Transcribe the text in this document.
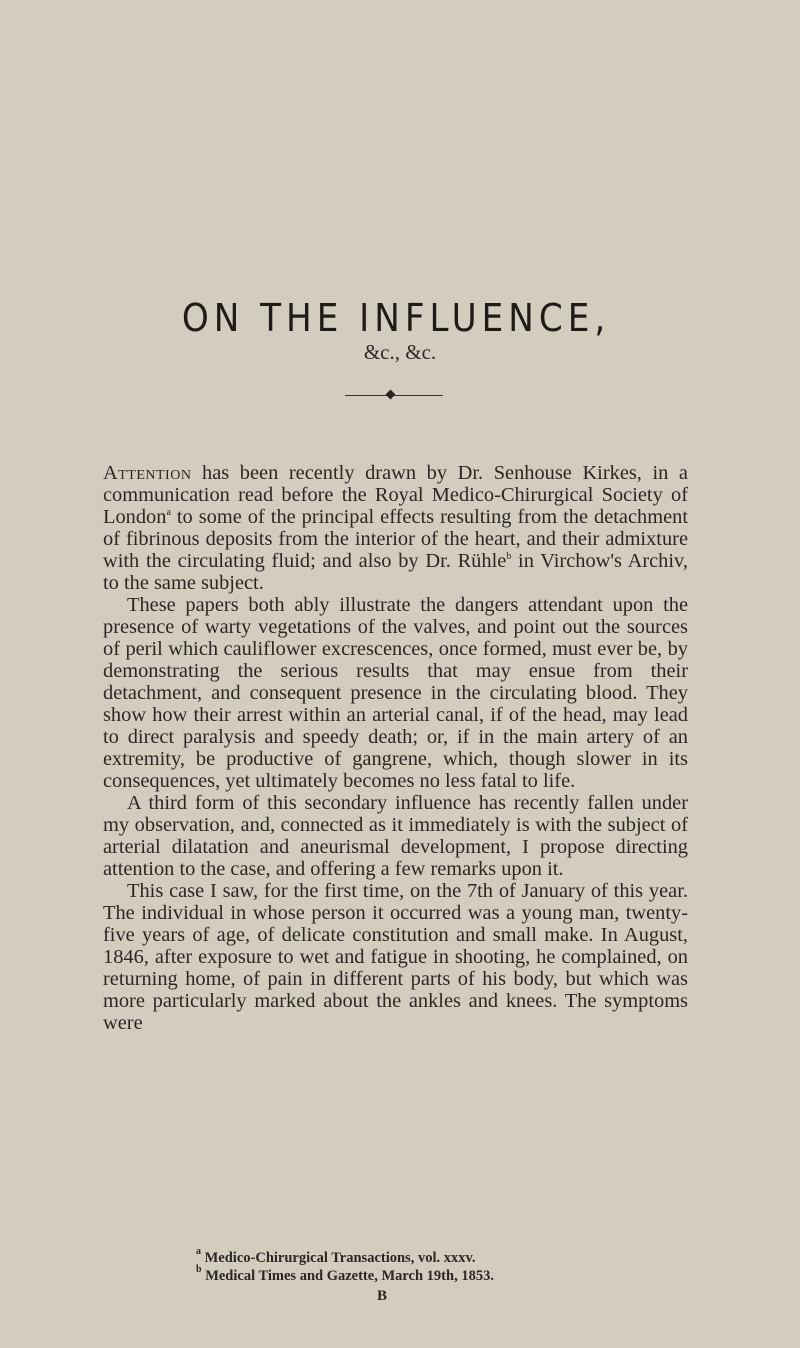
ON THE INFLUENCE,
&c., &c.

Attention has been recently drawn by Dr. Senhouse Kirkes, in a communication read before the Royal Medico-Chirurgical Society of London$^a$ to some of the principal effects resulting from the detachment of fibrinous deposits from the interior of the heart, and their admixture with the circulating fluid; and also by Dr. Rühle$^b$ in Virchow's Archiv, to the same subject.

These papers both ably illustrate the dangers attendant upon the presence of warty vegetations of the valves, and point out the sources of peril which cauliflower excrescences, once formed, must ever be, by demonstrating the serious results that may ensue from their detachment, and consequent presence in the circulating blood. They show how their arrest within an arterial canal, if of the head, may lead to direct paralysis and speedy death; or, if in the main artery of an extremity, be productive of gangrene, which, though slower in its consequences, yet ultimately becomes no less fatal to life.

A third form of this secondary influence has recently fallen under my observation, and, connected as it immediately is with the subject of arterial dilatation and aneurismal development, I propose directing attention to the case, and offering a few remarks upon it.

This case I saw, for the first time, on the 7th of January of this year. The individual in whose person it occurred was a young man, twenty-five years of age, of delicate constitution and small make. In August, 1846, after exposure to wet and fatigue in shooting, he complained, on returning home, of pain in different parts of his body, but which was more particularly marked about the ankles and knees. The symptoms were

$^a$ Medico-Chirurgical Transactions, vol. xxxv.

$^b$ Medical Times and Gazette, March 19th, 1853.

B
